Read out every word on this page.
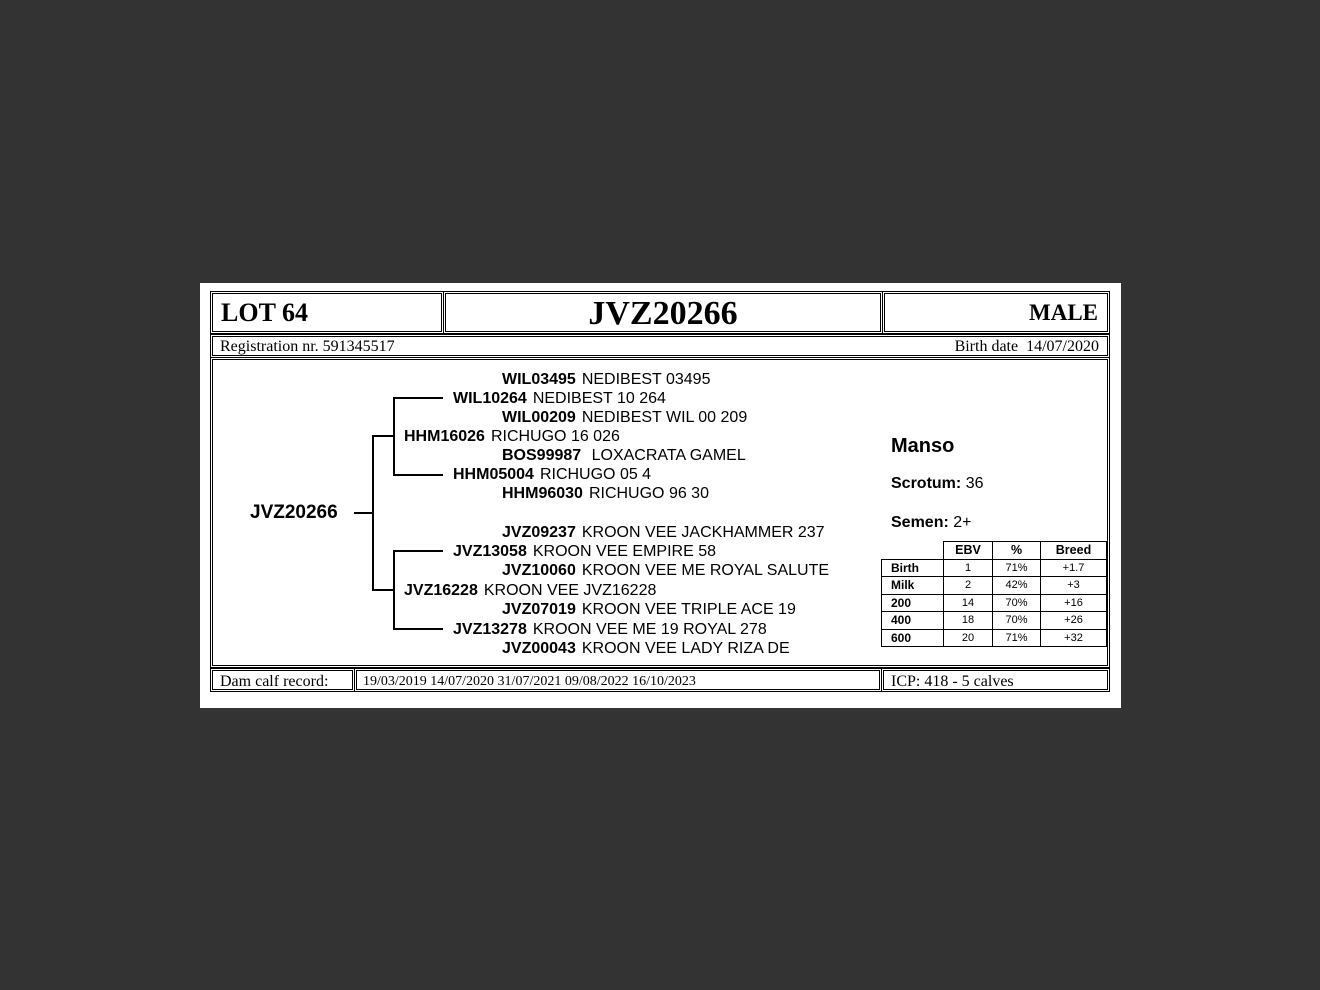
LOT 64	JVZ20266	MALE
Registration nr. 591345517	Birth date  14/07/2020
JVZ20266
WIL03495 NEDIBEST 03495
WIL10264 NEDIBEST 10 264
WIL00209 NEDIBEST WIL 00 209
HHM16026 RICHUGO 16 026
BOS99987 LOXACRATA GAMEL
HHM05004 RICHUGO 05 4
HHM96030 RICHUGO 96 30
JVZ09237 KROON VEE JACKHAMMER 237
JVZ13058 KROON VEE EMPIRE 58
JVZ10060 KROON VEE ME ROYAL SALUTE
JVZ16228 KROON VEE JVZ16228
JVZ07019 KROON VEE TRIPLE ACE 19
JVZ13278 KROON VEE ME 19 ROYAL 278
JVZ00043 KROON VEE LADY RIZA DE
Manso
Scrotum: 36
Semen: 2+
	EBV	%	Breed
Birth	1	71%	+1.7
Milk	2	42%	+3
200	14	70%	+16
400	18	70%	+26
600	20	71%	+32
Dam calf record: 19/03/2019 14/07/2020 31/07/2021 09/08/2022 16/10/2023	ICP: 418 - 5 calves
